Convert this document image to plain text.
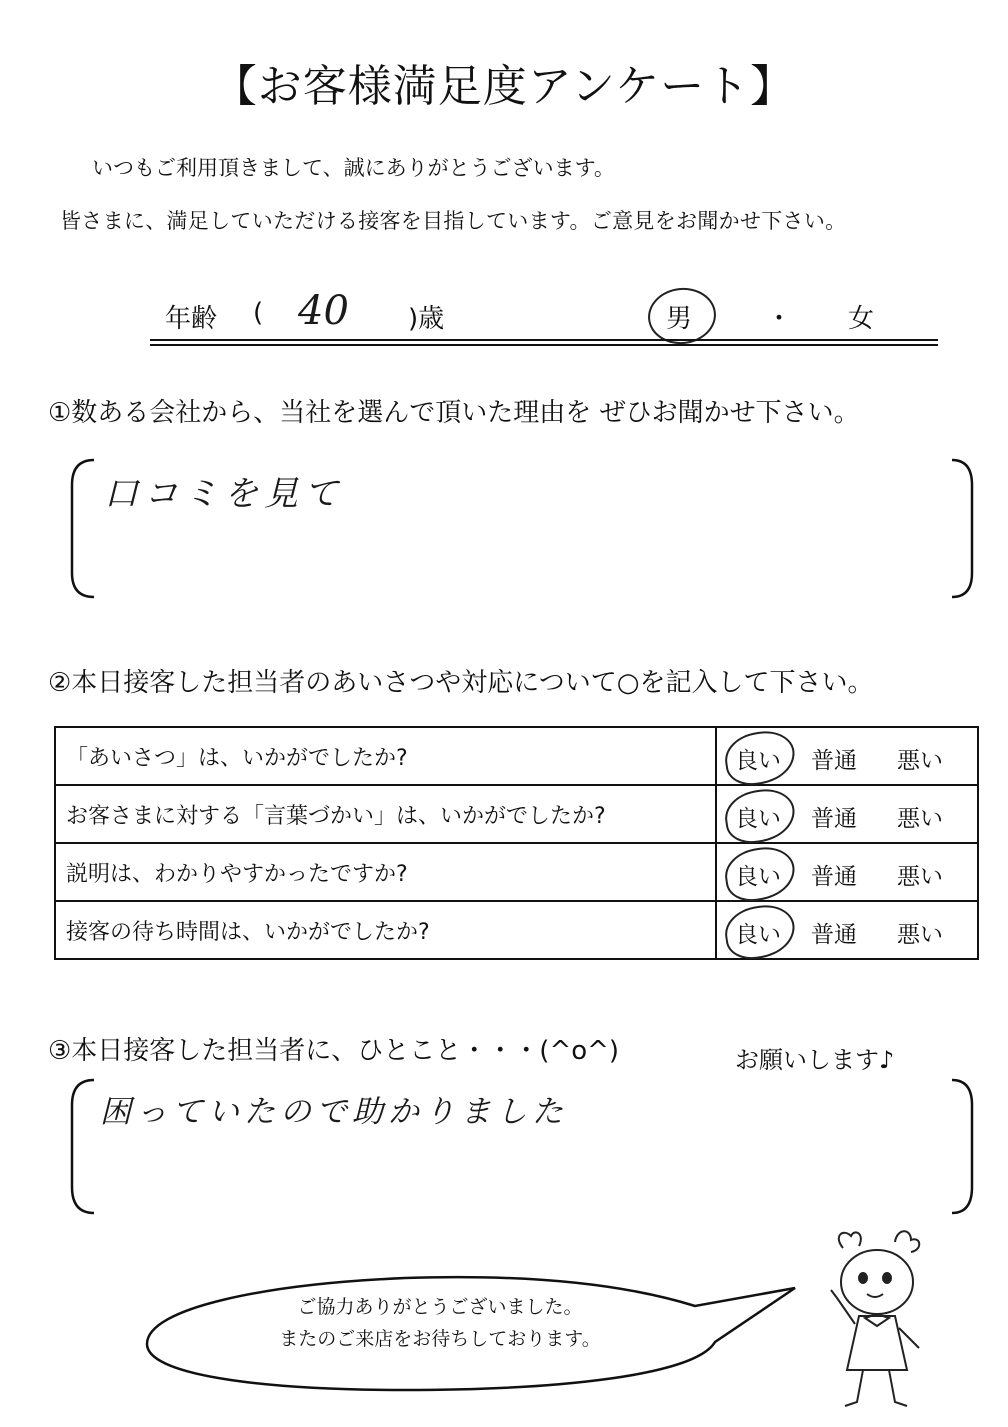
【お客様満足度アンケート】
いつもご利用頂きまして、誠にありがとうございます。
皆さまに、満足していただける接客を目指しています。ご意見をお聞かせ下さい。
年齢 ( 40 )歳	男	・ 女
①数ある会社から、当社を選んで頂いた理由を ぜひお聞かせ下さい。
口コミを見て
②本日接客した担当者のあいさつや対応について○を記入して下さい。
「あいさつ」は、いかがでしたか?	良い 普通 悪い

お客さまに対する「言葉づかい」は、いかがでしたか?	良い 普通 悪い

説明は、わかりやすかったですか?	良い 普通 悪い

接客の待ち時間は、いかがでしたか?	良い 普通 悪い
③本日接客した担当者に、ひとこと・・・(^o^)	お願いします♪
困っていたので助かりました
ご協力ありがとうございました。
またのご来店をお待ちしております。
